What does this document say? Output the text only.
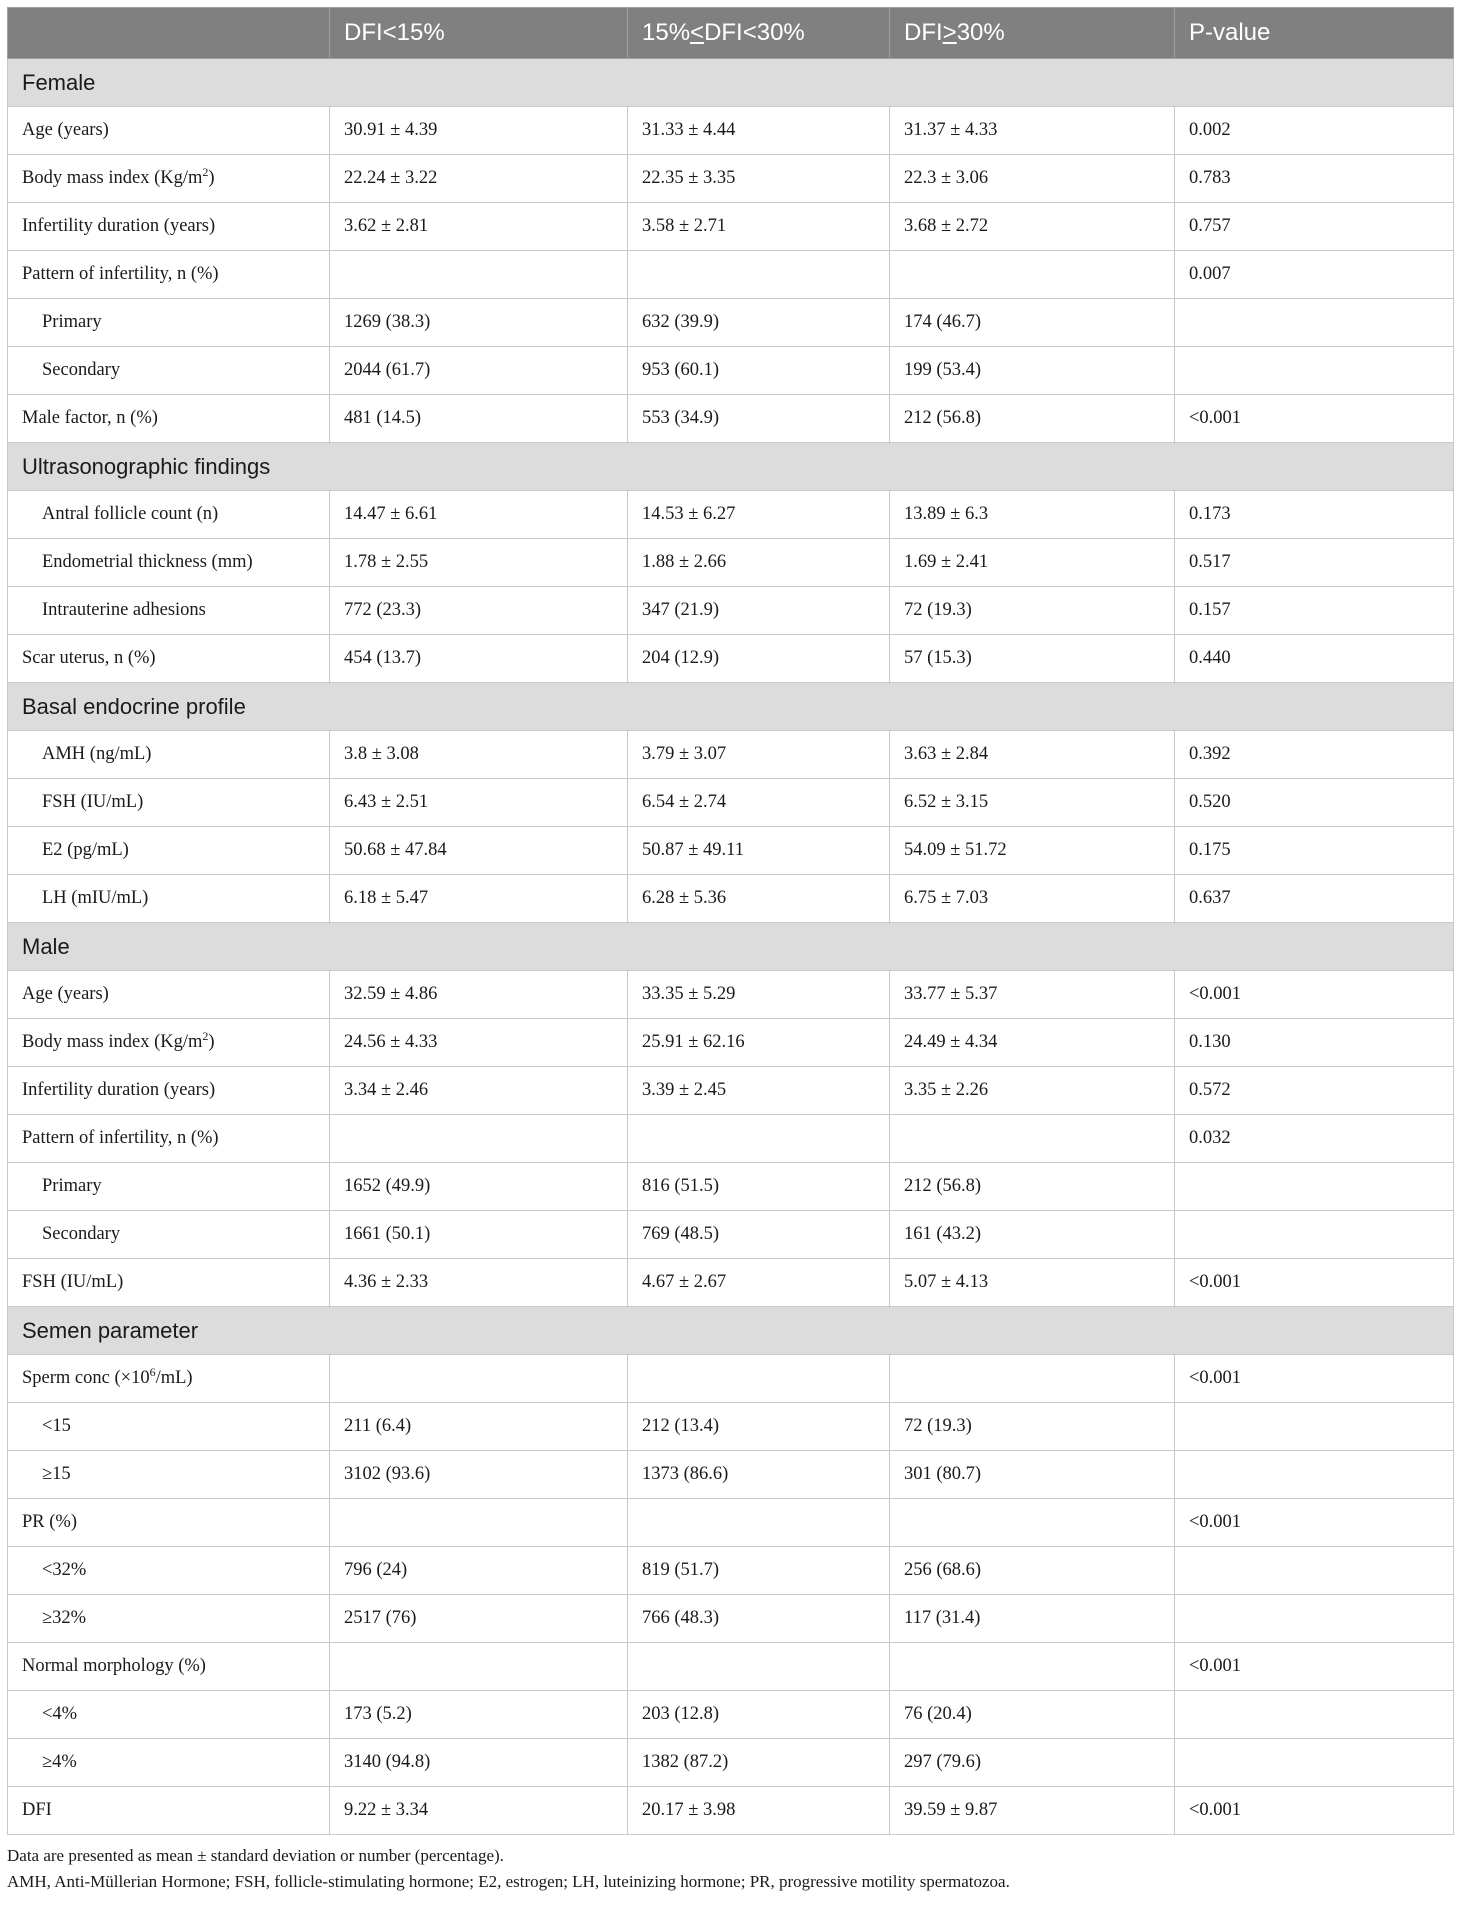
	DFI<15%	15%<DFI<30%	DFI>30%	P-value
Female				
Age (years)	30.91 ± 4.39	31.33 ± 4.44	31.37 ± 4.33	0.002
Body mass index $(Kg/m^2)$	22.24 ± 3.22	22.35 ± 3.35	22.3 ± 3.06	0.783
Infertility duration (years)	3.62 ± 2.81	3.58 ± 2.71	3.68 ± 2.72	0.757
Pattern of infertility, n (%)				0.007
Primary	1269 (38.3)	632 (39.9)	174 (46.7)	
Secondary	2044 (61.7)	953 (60.1)	199 (53.4)	
Male factor, n (%)	481 (14.5)	553 (34.9)	212 (56.8)	<0.001
Ultrasonographic findings				
Antral follicle count (n)	14.47 ± 6.61	14.53 ± 6.27	13.89 ± 6.3	0.173
Endometrial thickness (mm)	1.78 ± 2.55	1.88 ± 2.66	1.69 ± 2.41	0.517
Intrauterine adhesions	772 (23.3)	347 (21.9)	72 (19.3)	0.157
Scar uterus, n (%)	454 (13.7)	204 (12.9)	57 (15.3)	0.440
Basal endocrine profile				
AMH (ng/mL)	3.8 ± 3.08	3.79 ± 3.07	3.63 ± 2.84	0.392
FSH (IU/mL)	6.43 ± 2.51	6.54 ± 2.74	6.52 ± 3.15	0.520
E2 (pg/mL)	50.68 ± 47.84	50.87 ± 49.11	54.09 ± 51.72	0.175
LH (mIU/mL)	6.18 ± 5.47	6.28 ± 5.36	6.75 ± 7.03	0.637
Male				
Age (years)	32.59 ± 4.86	33.35 ± 5.29	33.77 ± 5.37	<0.001
Body mass index $(Kg/m^2)$	24.56 ± 4.33	25.91 ± 62.16	24.49 ± 4.34	0.130
Infertility duration (years)	3.34 ± 2.46	3.39 ± 2.45	3.35 ± 2.26	0.572
Pattern of infertility, n (%)				0.032
Primary	1652 (49.9)	816 (51.5)	212 (56.8)	
Secondary	1661 (50.1)	769 (48.5)	161 (43.2)	
FSH (IU/mL)	4.36 ± 2.33	4.67 ± 2.67	5.07 ± 4.13	<0.001
Semen parameter				
Sperm conc $(\times 10^6/mL)$				<0.001
<15	211 (6.4)	212 (13.4)	72 (19.3)	
≥15	3102 (93.6)	1373 (86.6)	301 (80.7)	
PR (%)				<0.001
<32%	796 (24)	819 (51.7)	256 (68.6)	
≥32%	2517 (76)	766 (48.3)	117 (31.4)	
Normal morphology (%)				<0.001
<4%	173 (5.2)	203 (12.8)	76 (20.4)	
≥4%	3140 (94.8)	1382 (87.2)	297 (79.6)	
DFI	9.22 ± 3.34	20.17 ± 3.98	39.59 ± 9.87	<0.001
Data are presented as mean ± standard deviation or number (percentage).
AMH, Anti-Müllerian Hormone; FSH, follicle-stimulating hormone; E2, estrogen; LH, luteinizing hormone; PR, progressive motility spermatozoa.
